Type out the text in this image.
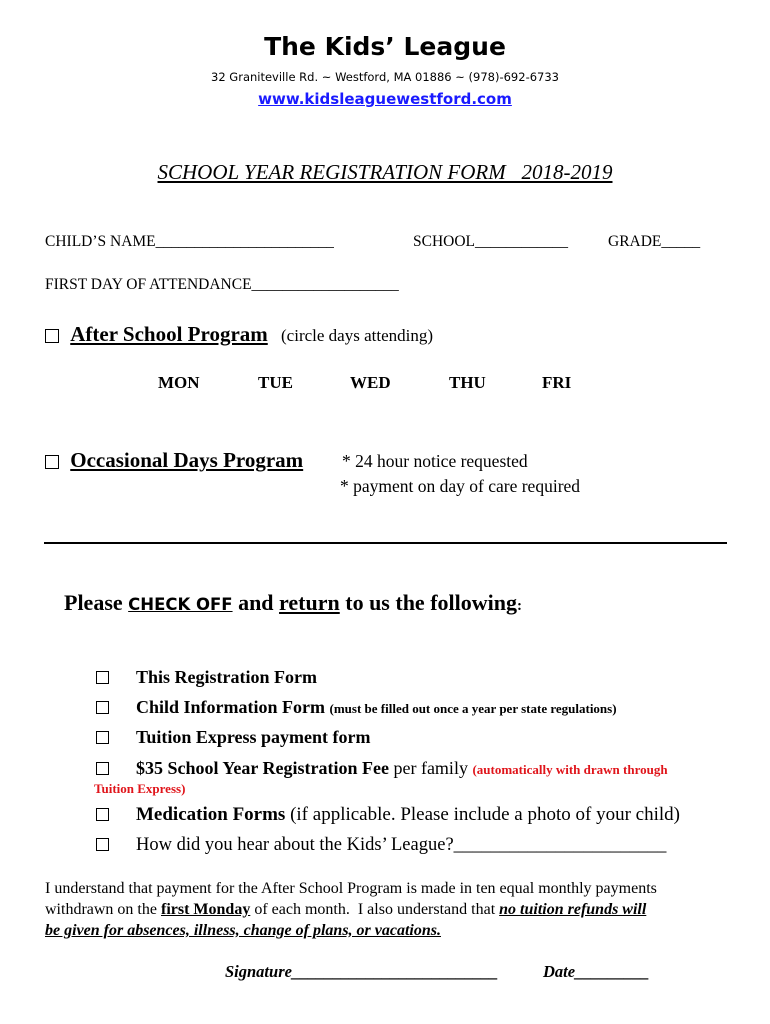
The Kids’ League
32 Graniteville Rd. ~ Westford, MA 01886 ~ (978)-692-6733
www.kidsleaguewestford.com
SCHOOL YEAR REGISTRATION FORM   2018-2019
CHILD’S NAME_______________________	SCHOOL____________	GRADE_____
FIRST DAY OF ATTENDANCE___________________
After School Program (circle days attending)
MON	TUE	WED	THU	FRI
Occasional Days Program * 24 hour notice requested
* payment on day of care required
Please CHECK OFF and return to us the following:
This Registration Form
Child Information Form (must be filled out once a year per state regulations)
Tuition Express payment form
$35 School Year Registration Fee per family (automatically with drawn through
Tuition Express)
Medication Forms (if applicable. Please include a photo of your child)
How did you hear about the Kids’ League?_______________________
I understand that payment for the After School Program is made in ten equal monthly payments
withdrawn on the first Monday of each month.  I also understand that no tuition refunds will
be given for absences, illness, change of plans, or vacations.
Signature_________________________	Date_________
